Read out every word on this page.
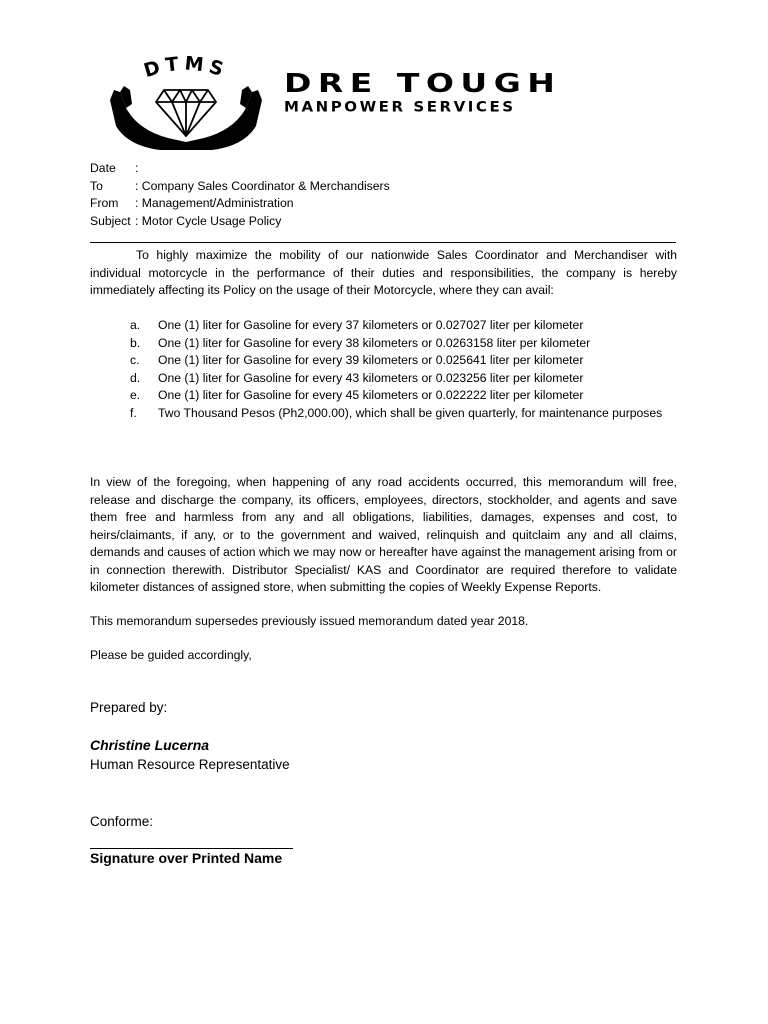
DTMS DRE TOUGH
MANPOWER SERVICES
Date	:
To	: Company Sales Coordinator & Merchandisers
From	: Management/Administration
Subject : Motor Cycle Usage Policy

To highly maximize the mobility of our nationwide Sales Coordinator and Merchandiser with individual motorcycle in the performance of their duties and responsibilities, the company is hereby immediately affecting its Policy on the usage of their Motorcycle, where they can avail:

a.	One (1) liter for Gasoline for every 37 kilometers or 0.027027 liter per kilometer
b.	One (1) liter for Gasoline for every 38 kilometers or 0.0263158 liter per kilometer
c.	One (1) liter for Gasoline for every 39 kilometers or 0.025641 liter per kilometer
d.	One (1) liter for Gasoline for every 43 kilometers or 0.023256 liter per kilometer
e.	One (1) liter for Gasoline for every 45 kilometers or 0.022222 liter per kilometer
f.	Two Thousand Pesos (Ph2,000.00), which shall be given quarterly, for maintenance purposes

In view of the foregoing, when happening of any road accidents occurred, this memorandum will free, release and discharge the company, its officers, employees, directors, stockholder, and agents and save them free and harmless from any and all obligations, liabilities, damages, expenses and cost, to heirs/claimants, if any, or to the government and waived, relinquish and quitclaim any and all claims, demands and causes of action which we may now or hereafter have against the management arising from or in connection therewith. Distributor Specialist/ KAS and Coordinator are required therefore to validate kilometer distances of assigned store, when submitting the copies of Weekly Expense Reports.

This memorandum supersedes previously issued memorandum dated year 2018.

Please be guided accordingly,

Prepared by:
Christine Lucerna
Human Resource Representative
Conforme:
Signature over Printed Name
